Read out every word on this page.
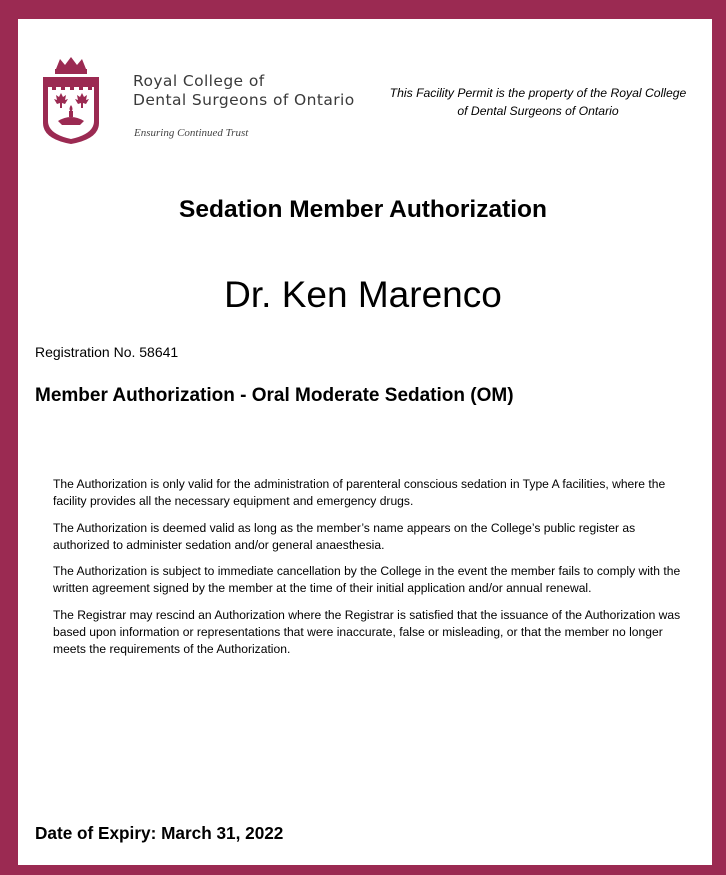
Royal College of
Dental Surgeons of Ontario
Ensuring Continued Trust
This Facility Permit is the property of the Royal College of Dental Surgeons of Ontario
Sedation Member Authorization
Dr. Ken Marenco
Registration No. 58641
Member Authorization - Oral Moderate Sedation (OM)

The Authorization is only valid for the administration of parenteral conscious sedation in Type A facilities, where the facility provides all the necessary equipment and emergency drugs.

The Authorization is deemed valid as long as the member’s name appears on the College’s public register as authorized to administer sedation and/or general anaesthesia.

The Authorization is subject to immediate cancellation by the College in the event the member fails to comply with the written agreement signed by the member at the time of their initial application and/or annual renewal.

The Registrar may rescind an Authorization where the Registrar is satisfied that the issuance of the Authorization was based upon information or representations that were inaccurate, false or misleading, or that the member no longer meets the requirements of the Authorization.

Date of Expiry: March 31, 2022
